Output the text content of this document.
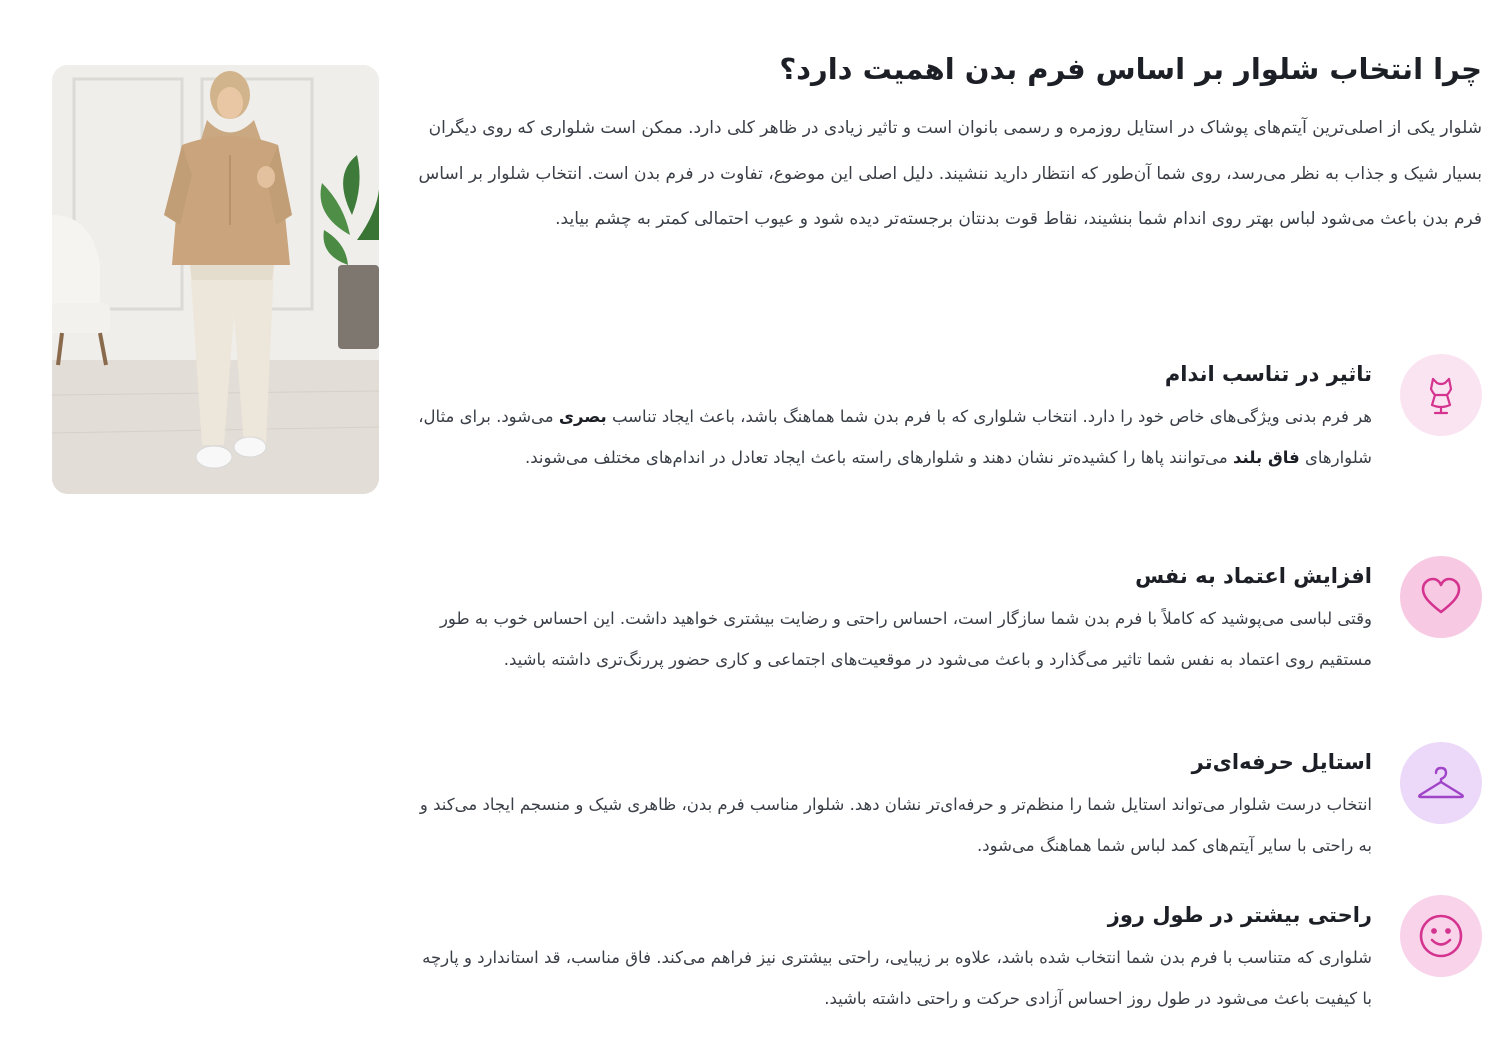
چرا انتخاب شلوار بر اساس فرم بدن اهمیت دارد؟

شلوار یکی از اصلی‌ترین آیتم‌های پوشاک در استایل روزمره و رسمی بانوان است و تاثیر زیادی در ظاهر کلی دارد. ممکن است شلواری که روی دیگران بسیار شیک و جذاب به نظر می‌رسد، روی شما آن‌طور که انتظار دارید ننشیند. دلیل اصلی این موضوع، تفاوت در فرم بدن است. انتخاب شلوار بر اساس فرم بدن باعث می‌شود لباس بهتر روی اندام شما بنشیند، نقاط قوت بدنتان برجسته‌تر دیده شود و عیوب احتمالی کمتر به چشم بیاید.

تاثیر در تناسب اندام

هر فرم بدنی ویژگی‌های خاص خود را دارد. انتخاب شلواری که با فرم بدن شما هماهنگ باشد، باعث ایجاد تناسب بصری می‌شود. برای مثال، شلوارهای فاق بلند می‌توانند پاها را کشیده‌تر نشان دهند و شلوارهای راسته باعث ایجاد تعادل در اندام‌های مختلف می‌شوند.

افزایش اعتماد به نفس

وقتی لباسی می‌پوشید که کاملاً با فرم بدن شما سازگار است، احساس راحتی و رضایت بیشتری خواهید داشت. این احساس خوب به طور مستقیم روی اعتماد به نفس شما تاثیر می‌گذارد و باعث می‌شود در موقعیت‌های اجتماعی و کاری حضور پررنگ‌تری داشته باشید.

استایل حرفه‌ای‌تر

انتخاب درست شلوار می‌تواند استایل شما را منظم‌تر و حرفه‌ای‌تر نشان دهد. شلوار مناسب فرم بدن، ظاهری شیک و منسجم ایجاد می‌کند و به راحتی با سایر آیتم‌های کمد لباس شما هماهنگ می‌شود.

راحتی بیشتر در طول روز

شلواری که متناسب با فرم بدن شما انتخاب شده باشد، علاوه بر زیبایی، راحتی بیشتری نیز فراهم می‌کند. فاق مناسب، قد استاندارد و پارچه با کیفیت باعث می‌شود در طول روز احساس آزادی حرکت و راحتی داشته باشید.
